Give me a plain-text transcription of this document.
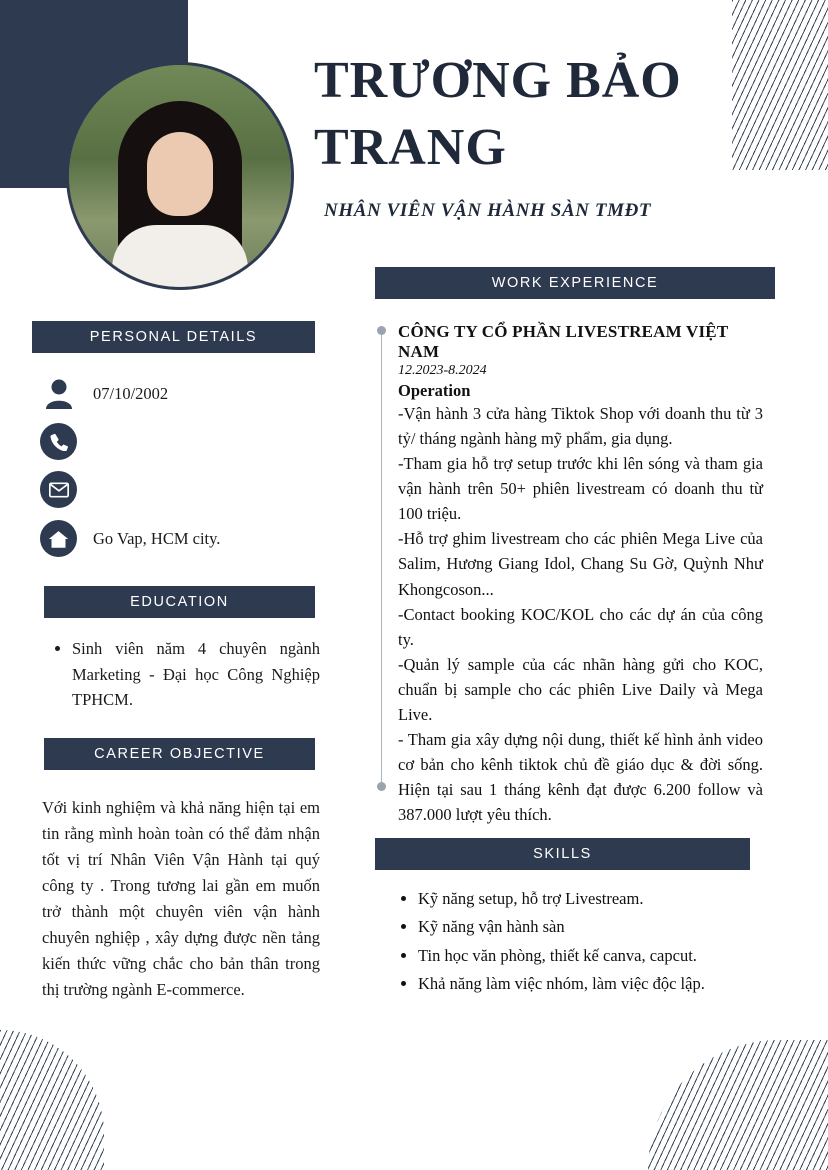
TRƯƠNG BẢO TRANG
NHÂN VIÊN VẬN HÀNH SÀN TMĐT
PERSONAL DETAILS
EDUCATION
CAREER OBJECTIVE
WORK EXPERIENCE
SKILLS
07/10/2002
Go Vap, HCM city.
• Sinh viên năm 4 chuyên ngành Marketing - Đại học Công Nghiệp TPHCM.
Với kinh nghiệm và khả năng hiện tại em tin rằng mình hoàn toàn có thể đảm nhận tốt vị trí Nhân Viên Vận Hành tại quý công ty . Trong tương lai gần em muốn trở thành một chuyên viên vận hành chuyên nghiệp , xây dựng được nền tảng kiến thức vững chắc cho bản thân trong thị trường ngành E-commerce.
CÔNG TY CỔ PHẦN LIVESTREAM VIỆT NAM
12.2023-8.2024
Operation
-Vận hành 3 cửa hàng Tiktok Shop với doanh thu từ 3 tỷ/ tháng ngành hàng mỹ phẩm, gia dụng.
-Tham gia hỗ trợ setup trước khi lên sóng và tham gia vận hành trên 50+ phiên livestream có doanh thu từ 100 triệu.
-Hỗ trợ ghim livestream cho các phiên Mega Live của Salim, Hương Giang Idol, Chang Su Gờ, Quỳnh Như Khongcoson...
-Contact booking KOC/KOL cho các dự án của công ty.
-Quản lý sample của các nhãn hàng gửi cho KOC, chuẩn bị sample cho các phiên Live Daily và Mega Live.
- Tham gia xây dựng nội dung, thiết kế hình ảnh video cơ bản cho kênh tiktok chủ đề giáo dục & đời sống. Hiện tại sau 1 tháng kênh đạt được 6.200 follow và 387.000 lượt yêu thích.
• Kỹ năng setup, hỗ trợ Livestream.
• Kỹ năng vận hành sàn
• Tin học văn phòng, thiết kế canva, capcut.
• Khả năng làm việc nhóm, làm việc độc lập.
